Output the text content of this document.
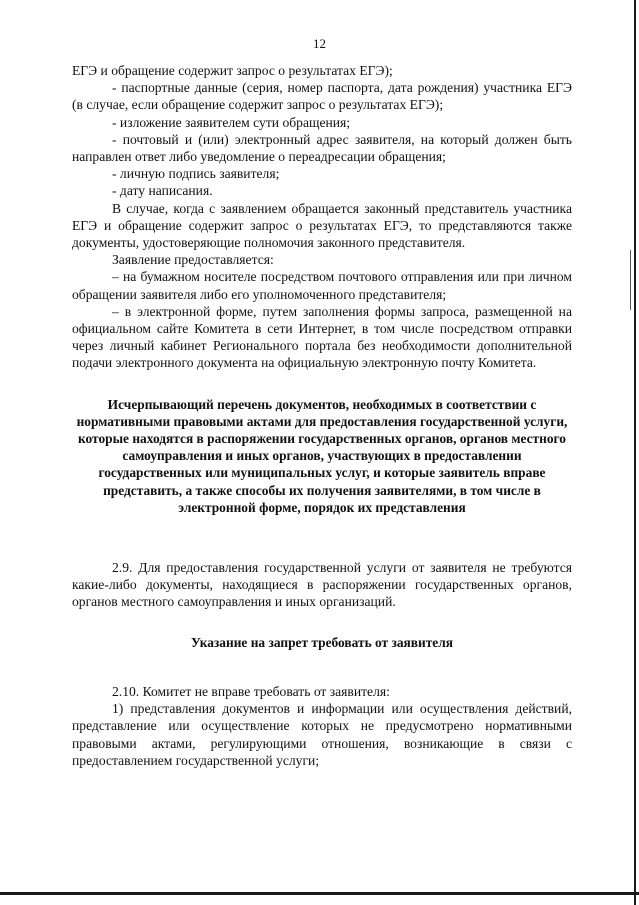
12

ЕГЭ и обращение содержит запрос о результатах ЕГЭ);

- паспортные данные (серия, номер паспорта, дата рождения) участника ЕГЭ (в случае, если обращение содержит запрос о результатах ЕГЭ);

- изложение заявителем сути обращения;

- почтовый и (или) электронный адрес заявителя, на который должен быть направлен ответ либо уведомление о переадресации обращения;

- личную подпись заявителя;

- дату написания.

В случае, когда с заявлением обращается законный представитель участника ЕГЭ и обращение содержит запрос о результатах ЕГЭ, то представляются также документы, удостоверяющие полномочия законного представителя.

Заявление предоставляется:

– на бумажном носителе посредством почтового отправления или при личном обращении заявителя либо его уполномоченного представителя;

– в электронной форме, путем заполнения формы запроса, размещенной на официальном сайте Комитета в сети Интернет, в том числе посредством отправки через личный кабинет Регионального портала без необходимости дополнительной подачи электронного документа на официальную электронную почту Комитета.

Исчерпывающий перечень документов, необходимых в соответствии с нормативными правовыми актами для предоставления государственной услуги, которые находятся в распоряжении государственных органов, органов местного самоуправления и иных органов, участвующих в предоставлении государственных или муниципальных услуг, и которые заявитель вправе представить, а также способы их получения заявителями, в том числе в электронной форме, порядок их представления

2.9. Для предоставления государственной услуги от заявителя не требуются какие-либо документы, находящиеся в распоряжении государственных органов, органов местного самоуправления и иных организаций.

Указание на запрет требовать от заявителя

2.10. Комитет не вправе требовать от заявителя:

1) представления документов и информации или осуществления действий, представление или осуществление которых не предусмотрено нормативными правовыми актами, регулирующими отношения, возникающие в связи с предоставлением государственной услуги;
